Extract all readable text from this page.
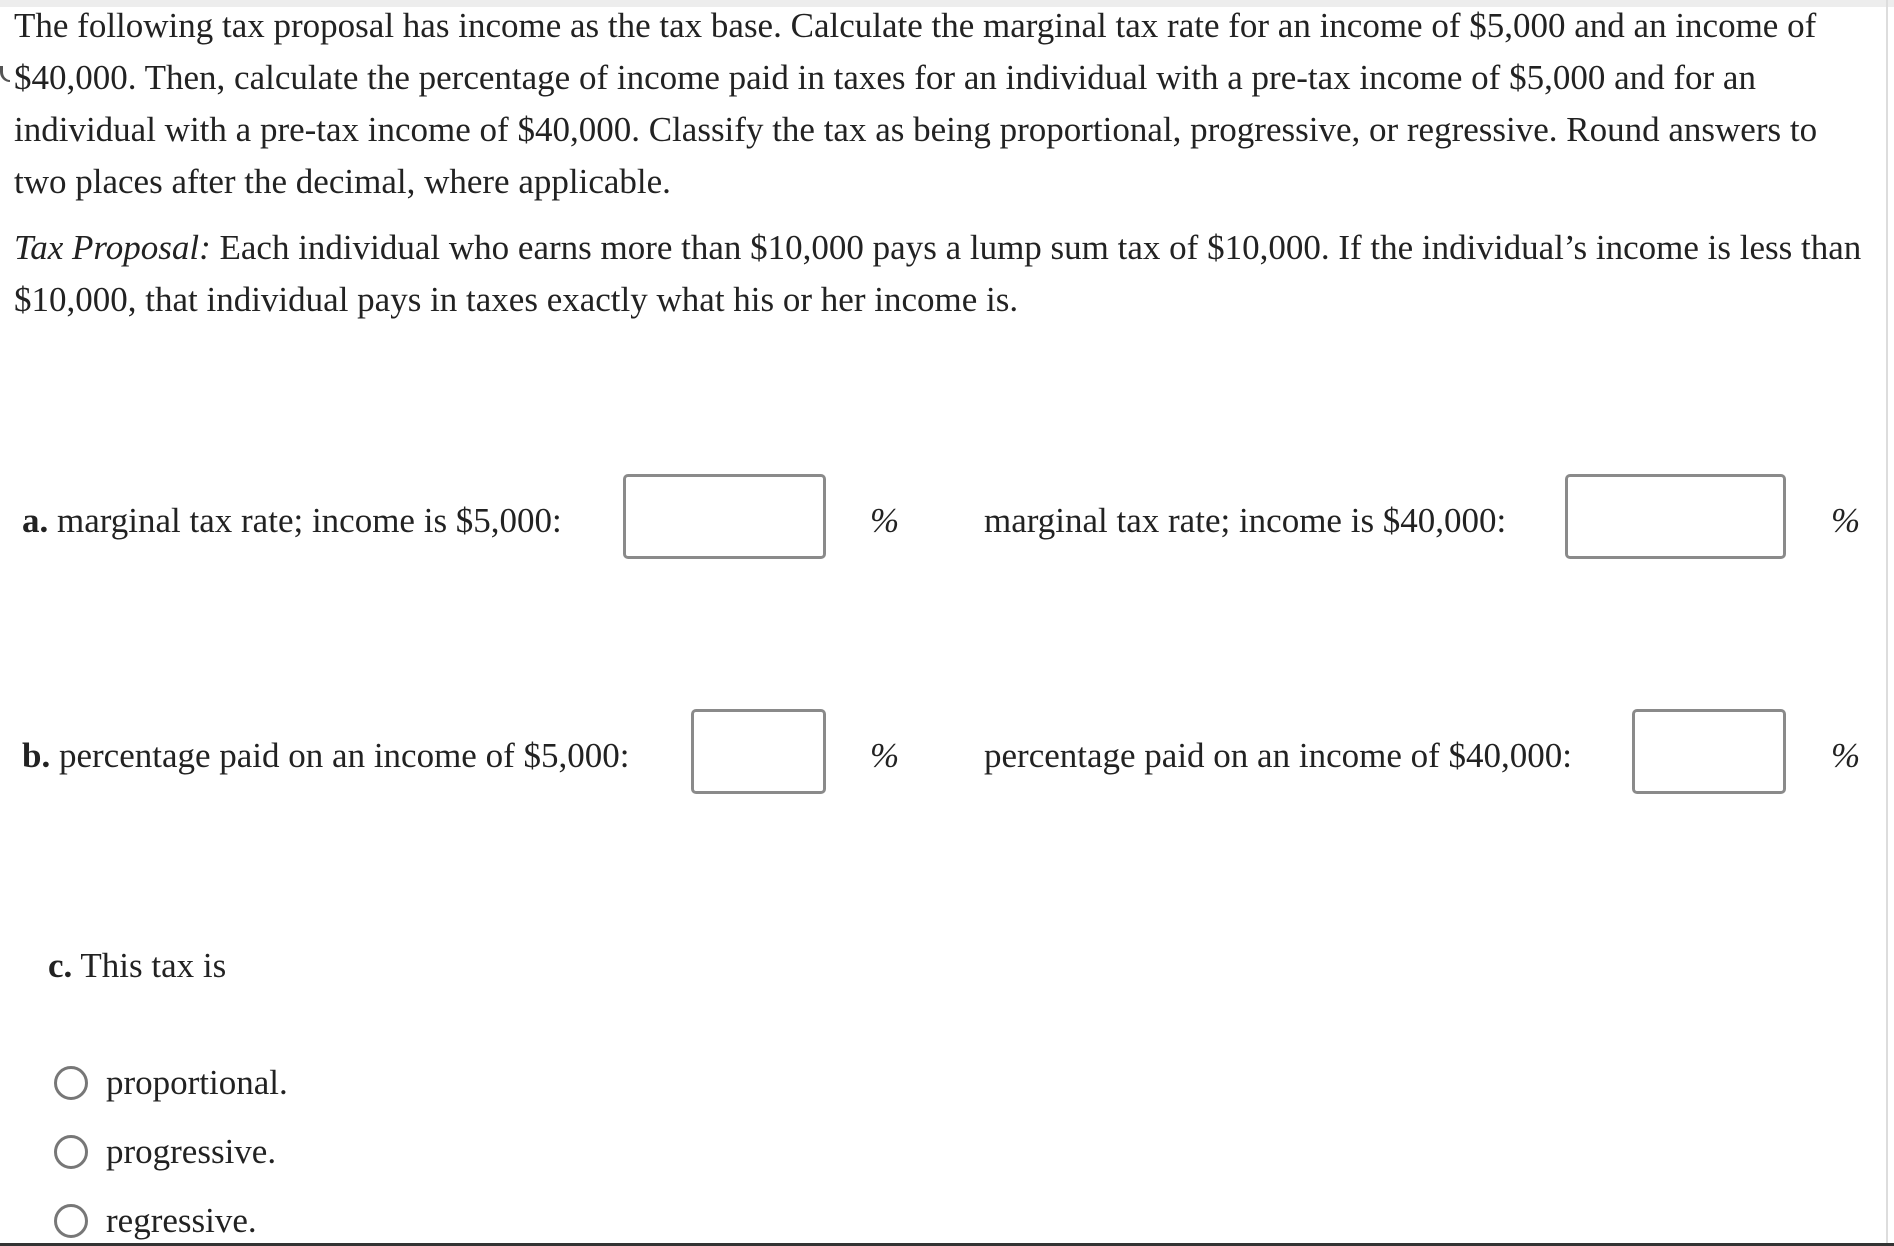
The following tax proposal has income as the tax base. Calculate the marginal tax rate for an income of $5,000 and an income of $40,000. Then, calculate the percentage of income paid in taxes for an individual with a pre-tax income of $5,000 and for an individual with a pre-tax income of $40,000. Classify the tax as being proportional, progressive, or regressive. Round answers to two places after the decimal, where applicable.

Tax Proposal: Each individual who earns more than $10,000 pays a lump sum tax of $10,000. If the individual’s income is less than $10,000, that individual pays in taxes exactly what his or her income is.

a. marginal tax rate; income is $5,000:	% marginal tax rate; income is $40,000:	%
b. percentage paid on an income of $5,000:	% percentage paid on an income of $40,000:	%
c. This tax is
proportional.
progressive.
regressive.
